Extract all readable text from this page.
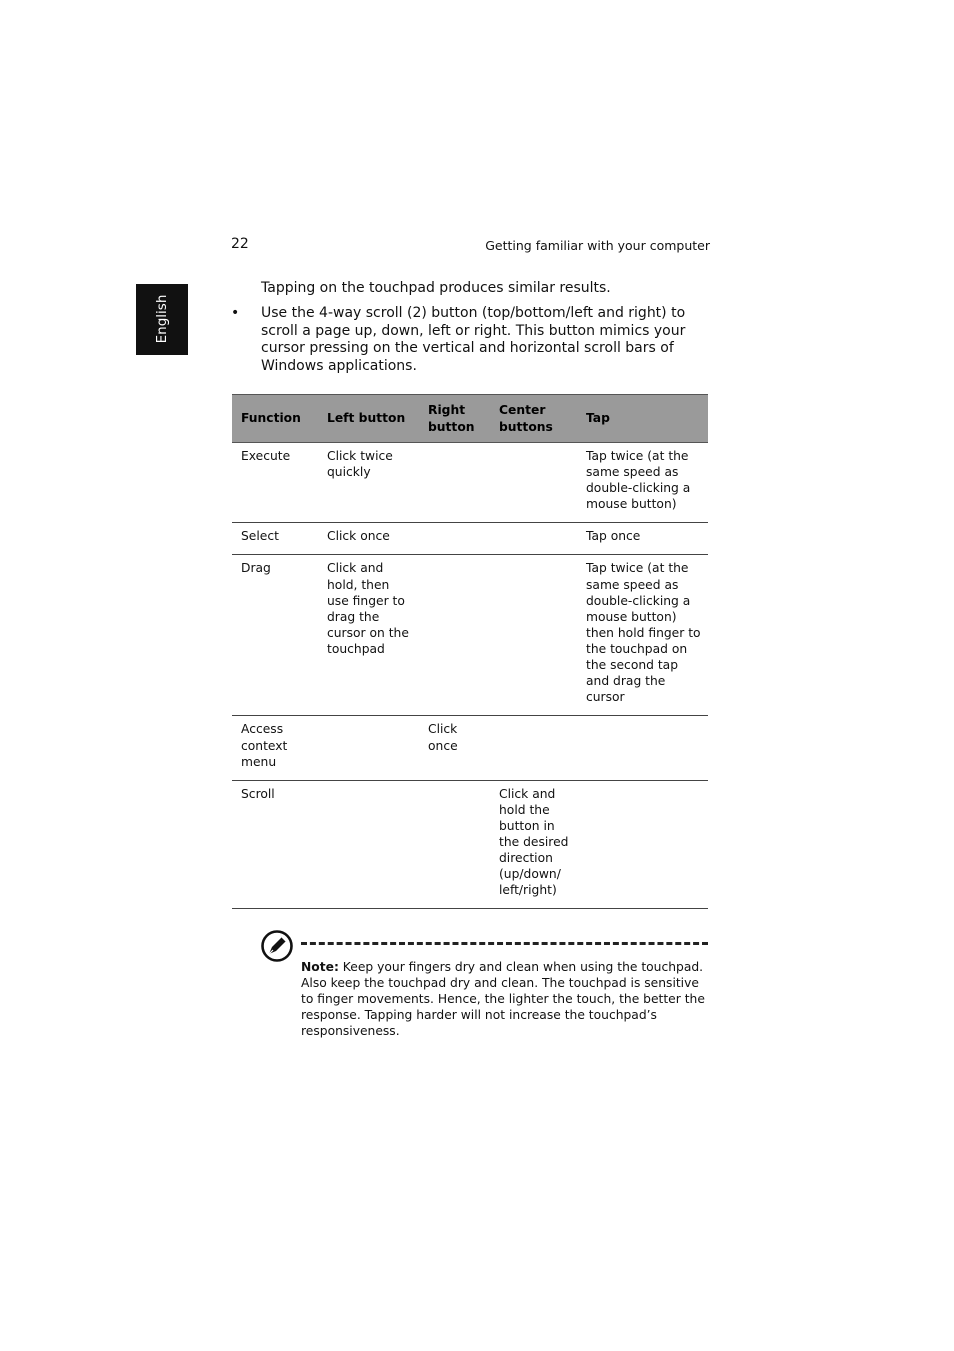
English
22	Getting familiar with your computer

Tapping on the touchpad produces similar results.

• Use the 4-way scroll (2) button (top/bottom/left and right) to scroll a page up, down, left or right. This button mimics your cursor pressing on the vertical and horizontal scroll bars of Windows applications.

Function	Left button	Right button	Center buttons	Tap
Execute	Click twice quickly			Tap twice (at the same speed as double-clicking a mouse button)
Select	Click once			Tap once
Drag	Click and hold, then use finger to drag the cursor on the touchpad			Tap twice (at the same speed as double-clicking a mouse button) then hold finger to the touchpad on the second tap and drag the cursor
Access context menu		Click once		
Scroll			Click and hold the button in the desired direction (up/down/ left/right)	

Note: Keep your fingers dry and clean when using the touchpad. Also keep the touchpad dry and clean. The touchpad is sensitive to finger movements. Hence, the lighter the touch, the better the response. Tapping harder will not increase the touchpad’s responsiveness.
